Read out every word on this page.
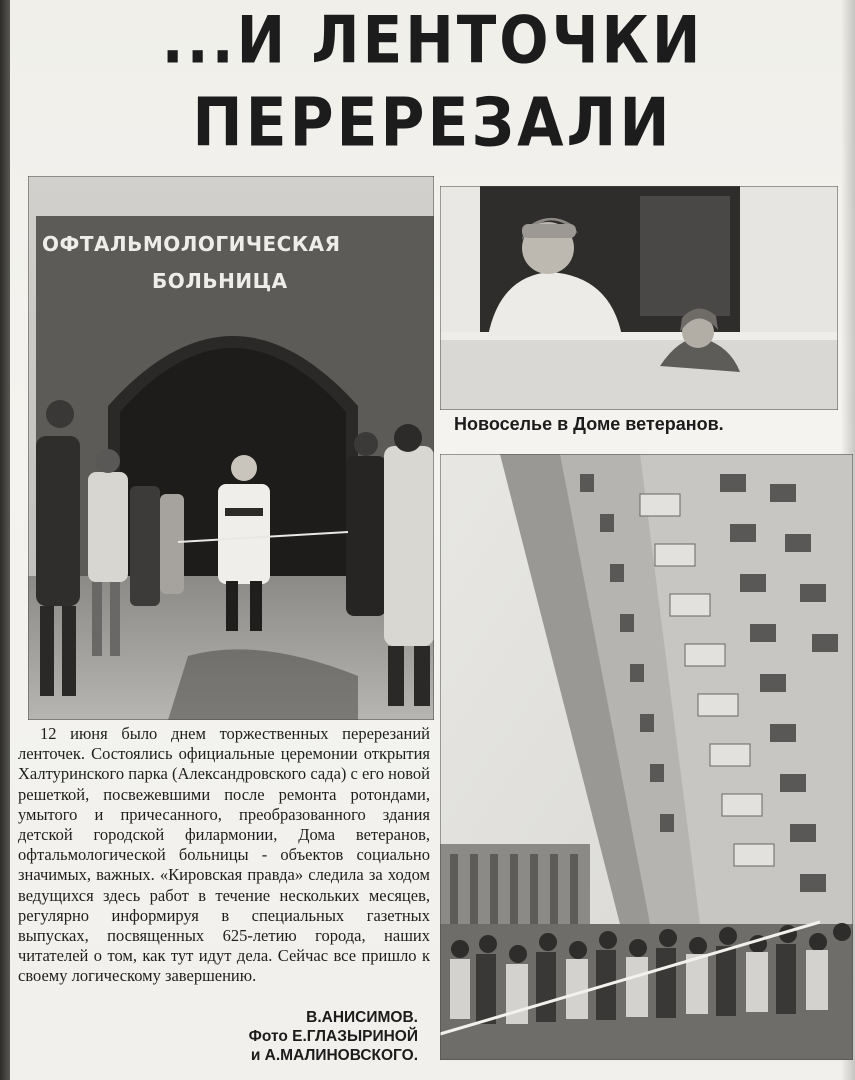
...И ЛЕНТОЧКИ
ПЕРЕРЕЗАЛИ
ОФТАЛЬМОЛОГИЧЕСКАЯ
БОЛЬНИЦА
Новоселье в Доме ветеранов.

12 июня было днем торжественных перерезаний ленточек. Состоялись официальные церемонии открытия Халтуринского парка (Александровского сада) с его новой решеткой, посвежевшими после ремонта ротондами, умытого и причесанного, преобразованного здания детской городской филармонии, Дома ветеранов, офтальмологической больницы - объектов социально значимых, важных. «Кировская правда» следила за ходом ведущихся здесь работ в течение нескольких месяцев, регулярно информируя в специальных газетных выпусках, посвященных 625-летию города, наших читателей о том, как тут идут дела. Сейчас все пришло к своему логическому завершению.

В.АНИСИМОВ.
Фото Е.ГЛАЗЫРИНОЙ
и А.МАЛИНОВСКОГО.
